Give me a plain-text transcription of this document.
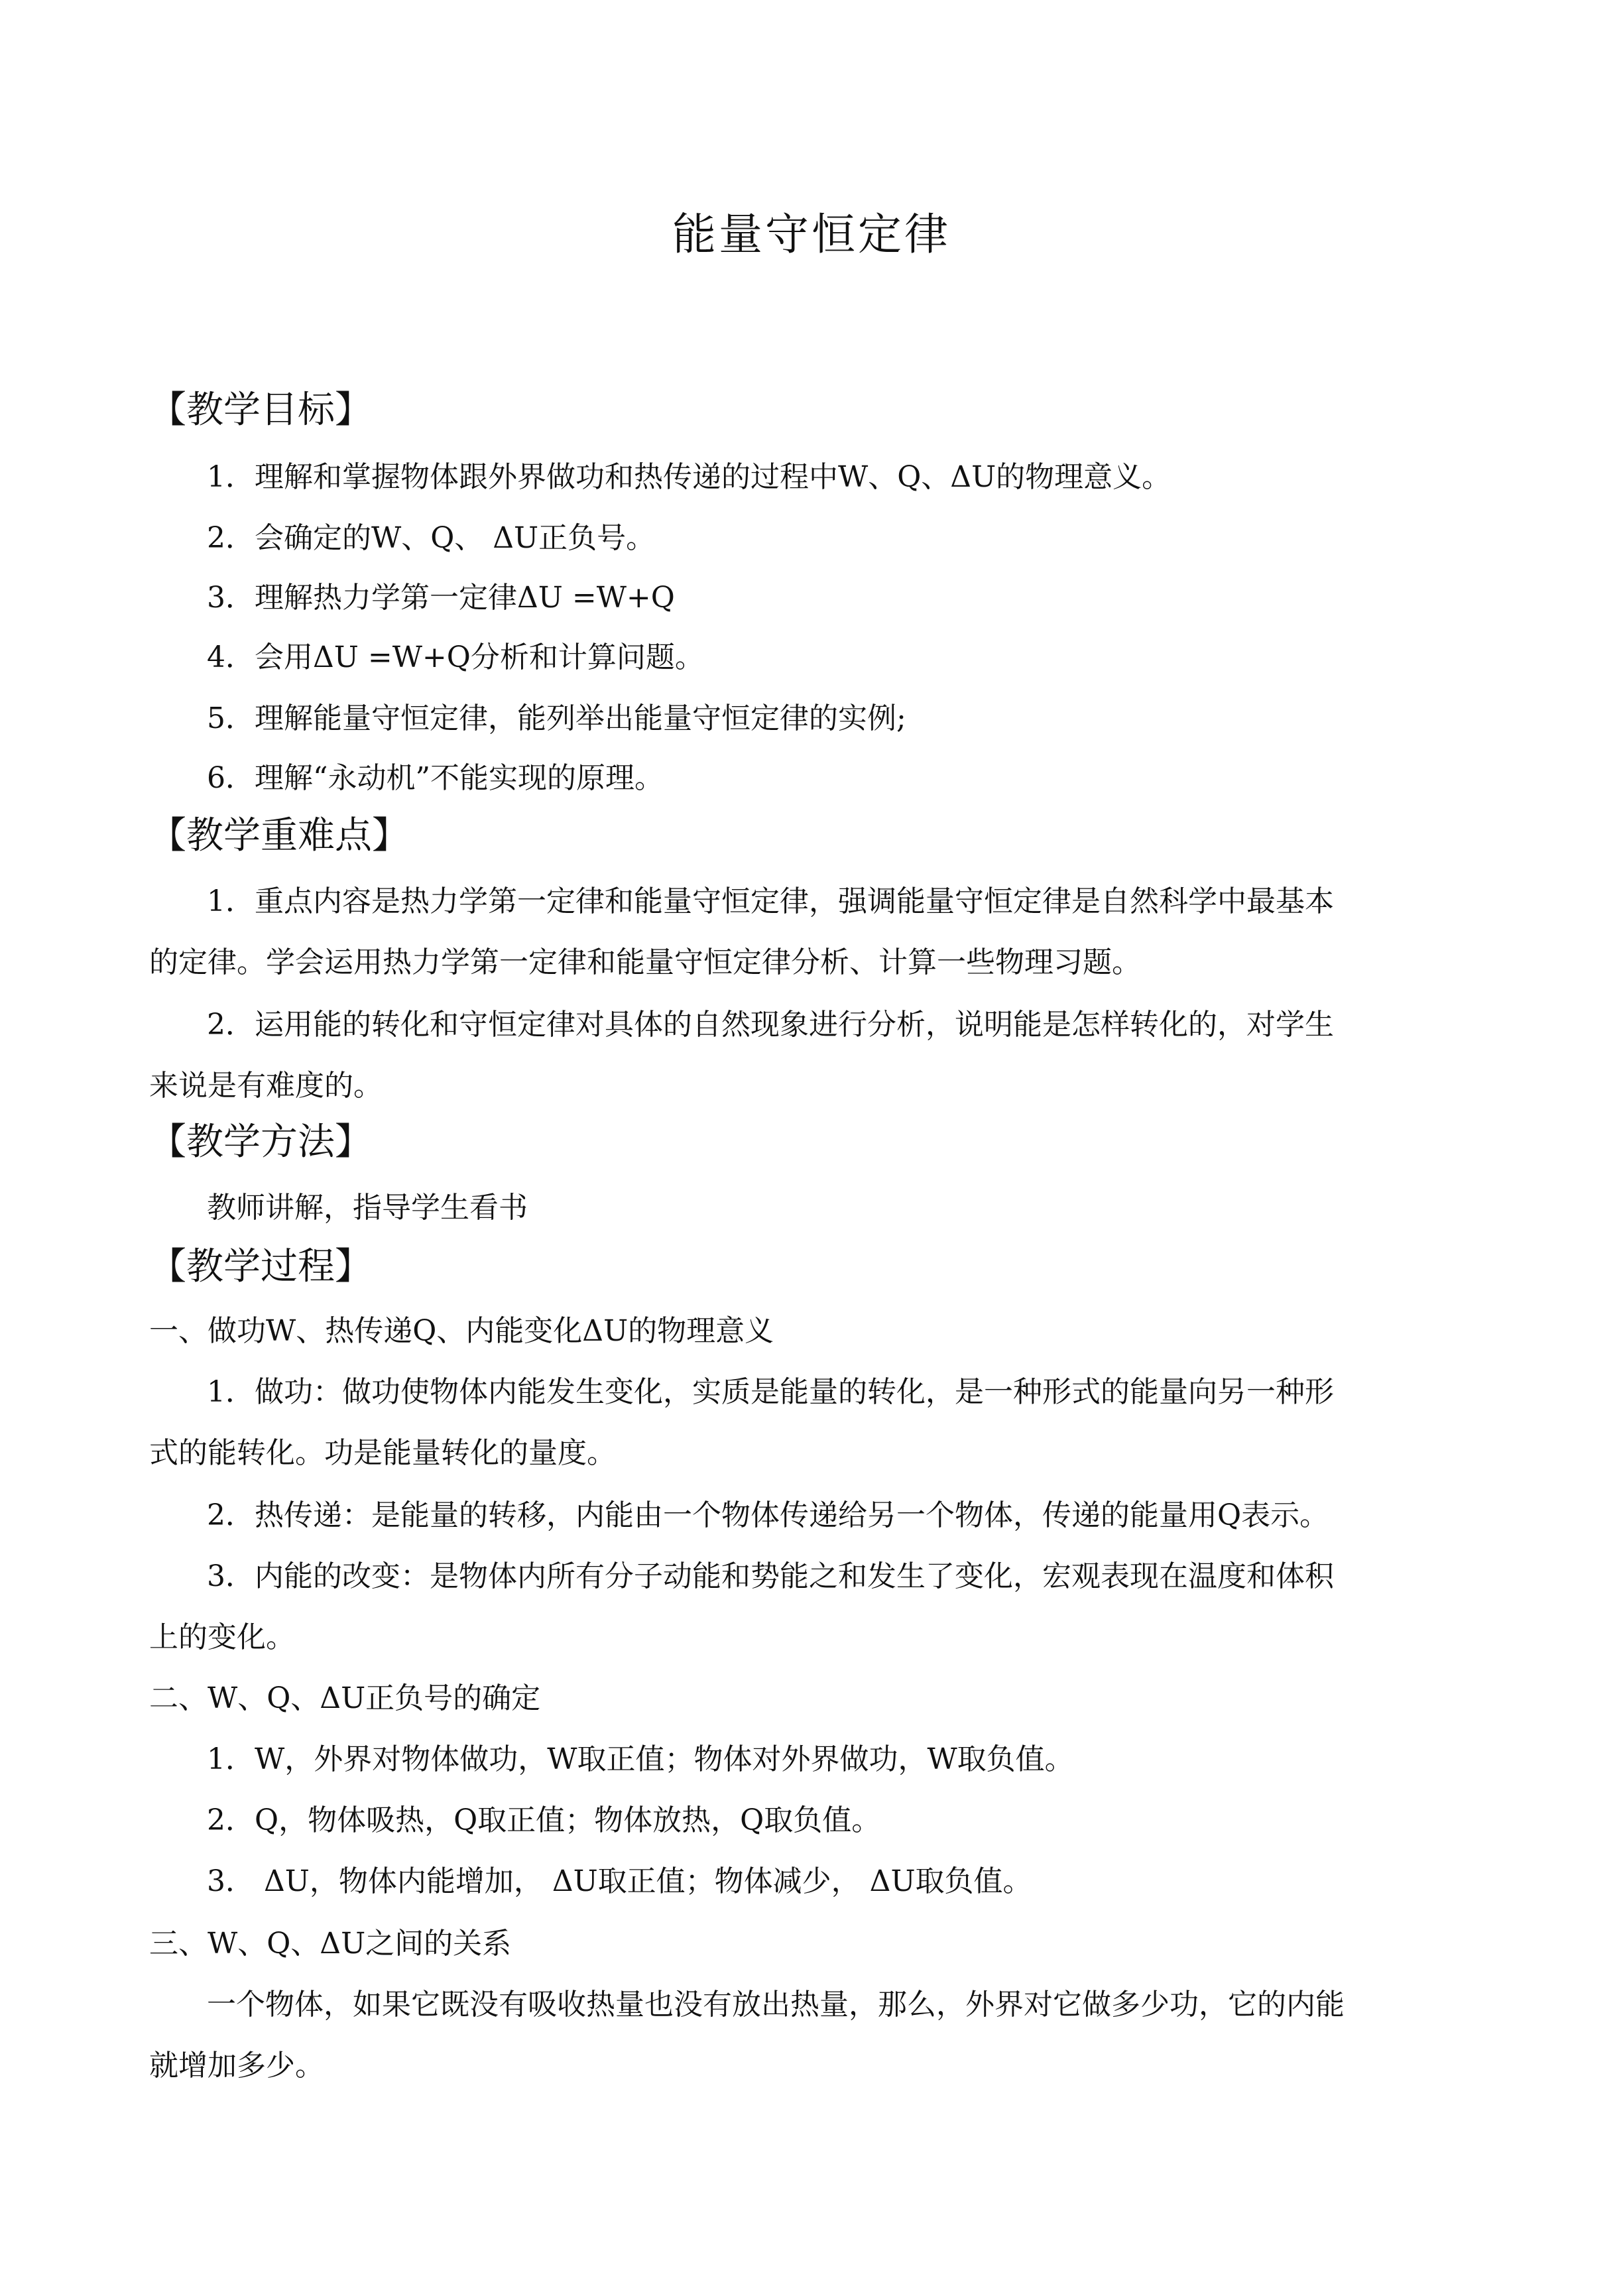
能量守恒定律
【教学目标】
1．理解和掌握物体跟外界做功和热传递的过程中W、Q、ΔU的物理意义。
2．会确定的W、Q、 ΔU正负号。
3．理解热力学第一定律ΔU =W+Q
4．会用ΔU =W+Q分析和计算问题。
5．理解能量守恒定律，能列举出能量守恒定律的实例;
6．理解“永动机”不能实现的原理。
【教学重难点】
1．重点内容是热力学第一定律和能量守恒定律，强调能量守恒定律是自然科学中最基本
的定律。学会运用热力学第一定律和能量守恒定律分析、计算一些物理习题。
2．运用能的转化和守恒定律对具体的自然现象进行分析，说明能是怎样转化的，对学生
来说是有难度的。
【教学方法】
教师讲解，指导学生看书
【教学过程】
一、做功W、热传递Q、内能变化ΔU的物理意义
1．做功：做功使物体内能发生变化，实质是能量的转化，是一种形式的能量向另一种形
式的能转化。功是能量转化的量度。
2．热传递：是能量的转移，内能由一个物体传递给另一个物体，传递的能量用Q表示。
3．内能的改变：是物体内所有分子动能和势能之和发生了变化，宏观表现在温度和体积
上的变化。
二、W、Q、ΔU正负号的确定
1．W，外界对物体做功，W取正值；物体对外界做功，W取负值。
2．Q，物体吸热，Q取正值；物体放热，Q取负值。
3． ΔU，物体内能增加， ΔU取正值；物体减少， ΔU取负值。
三、W、Q、ΔU之间的关系
一个物体，如果它既没有吸收热量也没有放出热量，那么，外界对它做多少功，它的内能
就增加多少。
